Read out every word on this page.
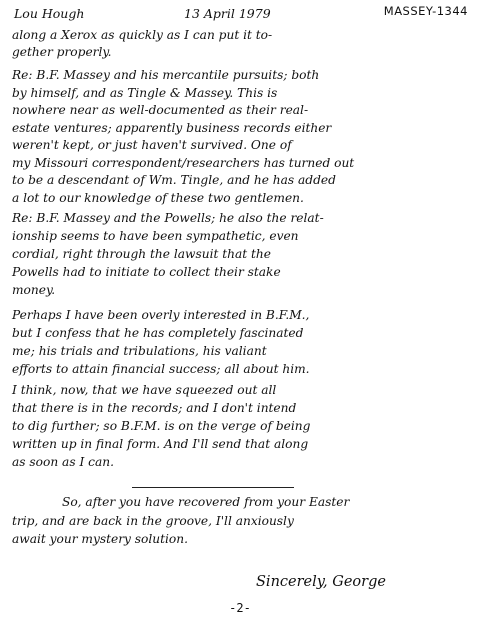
Lou Hough	13 April 1979	MASSEY-1344
along a Xerox as quickly as I can put it to-
gether properly.
Re: B.F. Massey and his mercantile pursuits; both
by himself, and as Tingle & Massey. This is
nowhere near as well-documented as their real-
estate ventures; apparently business records either
weren't kept, or just haven't survived. One of
my Missouri correspondent/researchers has turned out
to be a descendant of Wm. Tingle, and he has added
a lot to our knowledge of these two gentlemen.
Re: B.F. Massey and the Powells; he also the relat-
ionship seems to have been sympathetic, even
cordial, right through the lawsuit that the
Powells had to initiate to collect their stake
money.
Perhaps I have been overly interested in B.F.M.,
but I confess that he has completely fascinated
me; his trials and tribulations, his valiant
efforts to attain financial success; all about him.
I think, now, that we have squeezed out all
that there is in the records; and I don't intend
to dig further; so B.F.M. is on the verge of being
written up in final form. And I'll send that along
as soon as I can.
So, after you have recovered from your Easter
trip, and are back in the groove, I'll anxiously
await your mystery solution.
Sincerely, George
-2-
